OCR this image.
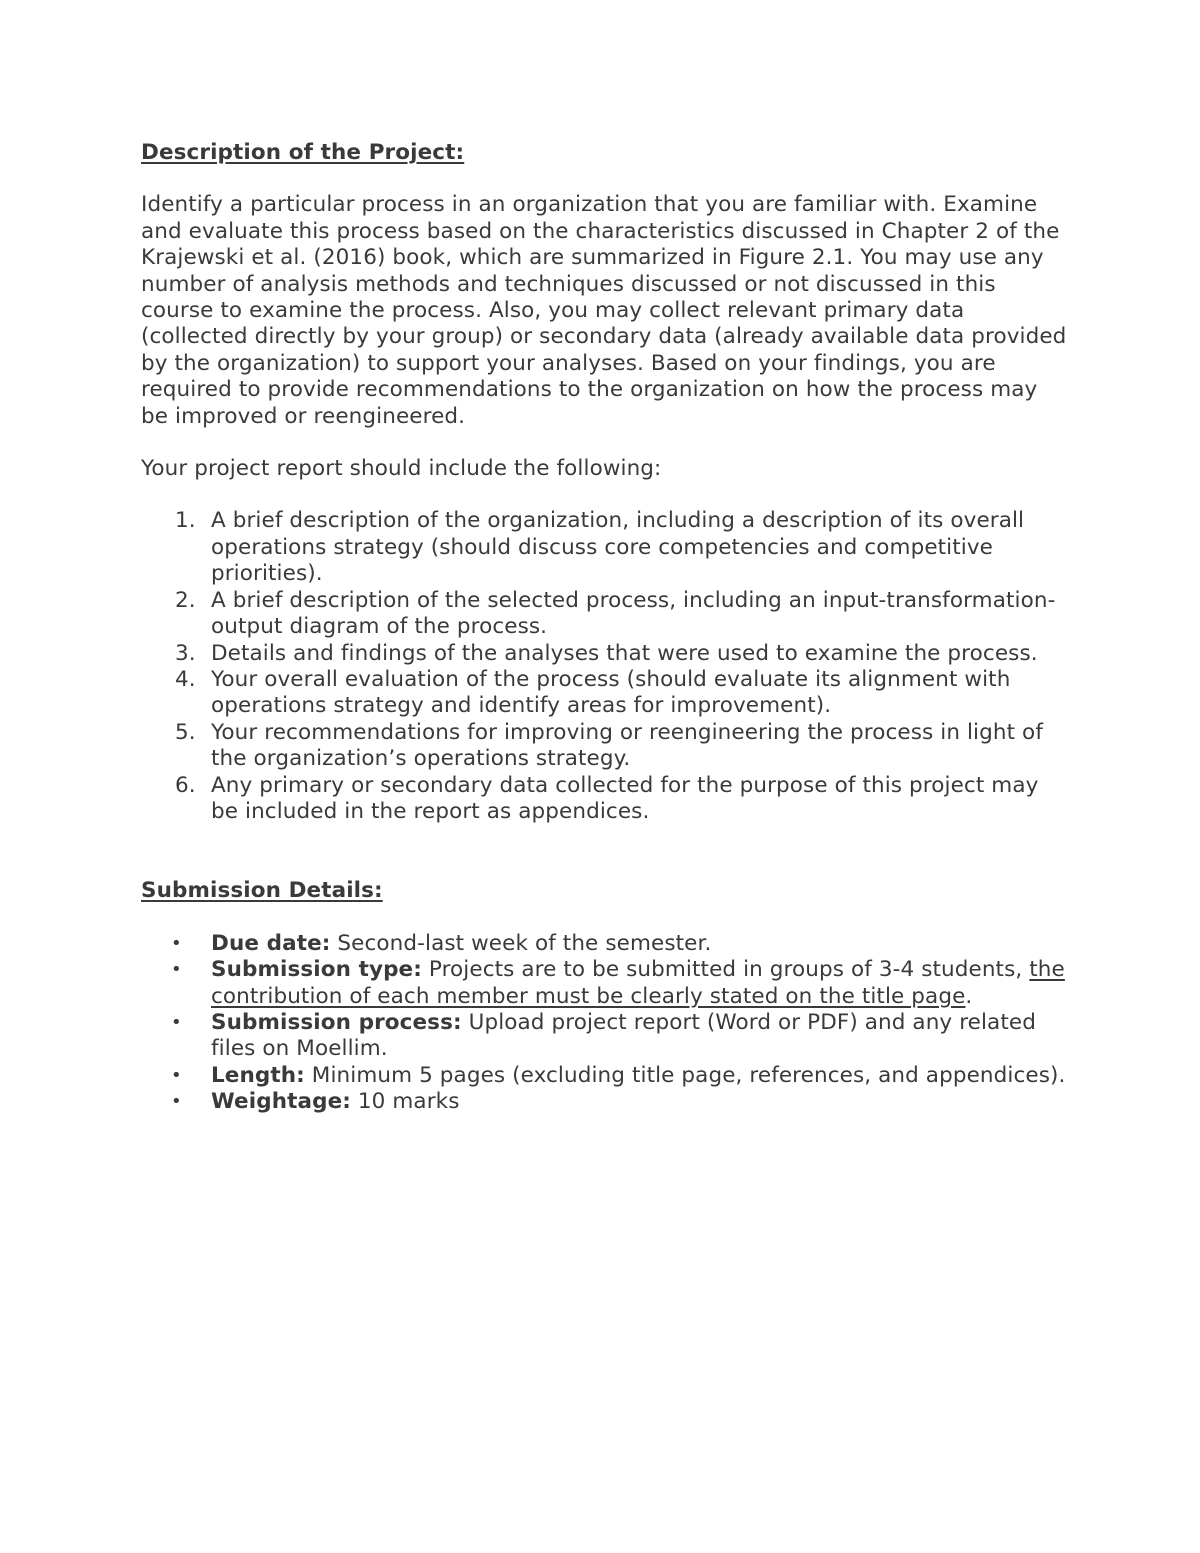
Description of the Project:

Identify a particular process in an organization that you are familiar with. Examine and evaluate this process based on the characteristics discussed in Chapter 2 of the Krajewski et al. (2016) book, which are summarized in Figure 2.1. You may use any number of analysis methods and techniques discussed or not discussed in this course to examine the process. Also, you may collect relevant primary data (collected directly by your group) or secondary data (already available data provided by the organization) to support your analyses. Based on your findings, you are required to provide recommendations to the organization on how the process may be improved or reengineered.

Your project report should include the following:

1. A brief description of the organization, including a description of its overall operations strategy (should discuss core competencies and competitive priorities).
2. A brief description of the selected process, including an input-transformation-output diagram of the process.
3. Details and findings of the analyses that were used to examine the process.
4. Your overall evaluation of the process (should evaluate its alignment with operations strategy and identify areas for improvement).
5. Your recommendations for improving or reengineering the process in light of the organization’s operations strategy.
6. Any primary or secondary data collected for the purpose of this project may be included in the report as appendices.
Submission Details:
• Due date: Second-last week of the semester.
• Submission type: Projects are to be submitted in groups of 3-4 students, the contribution of each member must be clearly stated on the title page.
• Submission process: Upload project report (Word or PDF) and any related files on Moellim.
• Length: Minimum 5 pages (excluding title page, references, and appendices).
• Weightage: 10 marks
